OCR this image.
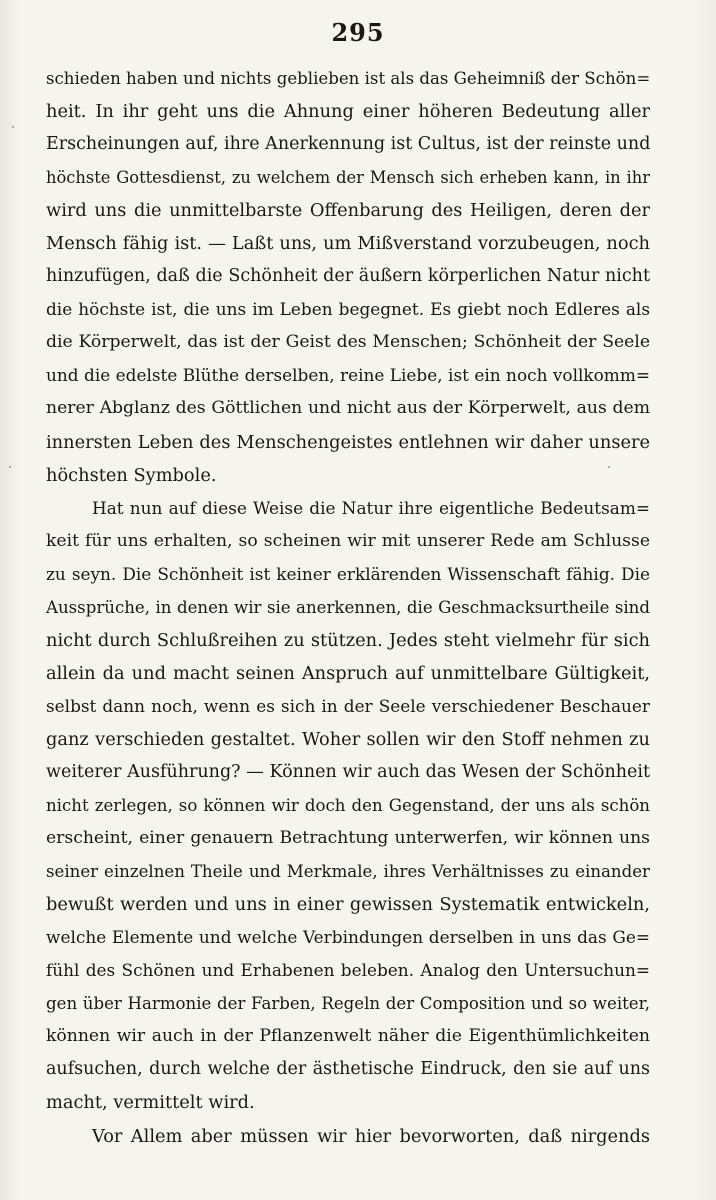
295
schieden haben und nichts geblieben ist als das Geheimniß der Schön=
heit. In ihr geht uns die Ahnung einer höheren Bedeutung aller
Erscheinungen auf, ihre Anerkennung ist Cultus, ist der reinste und
höchste Gottesdienst, zu welchem der Mensch sich erheben kann, in ihr
wird uns die unmittelbarste Offenbarung des Heiligen, deren der
Mensch fähig ist. — Laßt uns, um Mißverstand vorzubeugen, noch
hinzufügen, daß die Schönheit der äußern körperlichen Natur nicht
die höchste ist, die uns im Leben begegnet. Es giebt noch Edleres als
die Körperwelt, das ist der Geist des Menschen; Schönheit der Seele
und die edelste Blüthe derselben, reine Liebe, ist ein noch vollkomm=
nerer Abglanz des Göttlichen und nicht aus der Körperwelt, aus dem
innersten Leben des Menschengeistes entlehnen wir daher unsere
höchsten Symbole.
Hat nun auf diese Weise die Natur ihre eigentliche Bedeutsam=
keit für uns erhalten, so scheinen wir mit unserer Rede am Schlusse
zu seyn. Die Schönheit ist keiner erklärenden Wissenschaft fähig. Die
Aussprüche, in denen wir sie anerkennen, die Geschmacksurtheile sind
nicht durch Schlußreihen zu stützen. Jedes steht vielmehr für sich
allein da und macht seinen Anspruch auf unmittelbare Gültigkeit,
selbst dann noch, wenn es sich in der Seele verschiedener Beschauer
ganz verschieden gestaltet. Woher sollen wir den Stoff nehmen zu
weiterer Ausführung? — Können wir auch das Wesen der Schönheit
nicht zerlegen, so können wir doch den Gegenstand, der uns als schön
erscheint, einer genauern Betrachtung unterwerfen, wir können uns
seiner einzelnen Theile und Merkmale, ihres Verhältnisses zu einander
bewußt werden und uns in einer gewissen Systematik entwickeln,
welche Elemente und welche Verbindungen derselben in uns das Ge=
fühl des Schönen und Erhabenen beleben. Analog den Untersuchun=
gen über Harmonie der Farben, Regeln der Composition und so weiter,
können wir auch in der Pflanzenwelt näher die Eigenthümlichkeiten
aufsuchen, durch welche der ästhetische Eindruck, den sie auf uns
macht, vermittelt wird.
Vor Allem aber müssen wir hier bevorworten, daß nirgends
